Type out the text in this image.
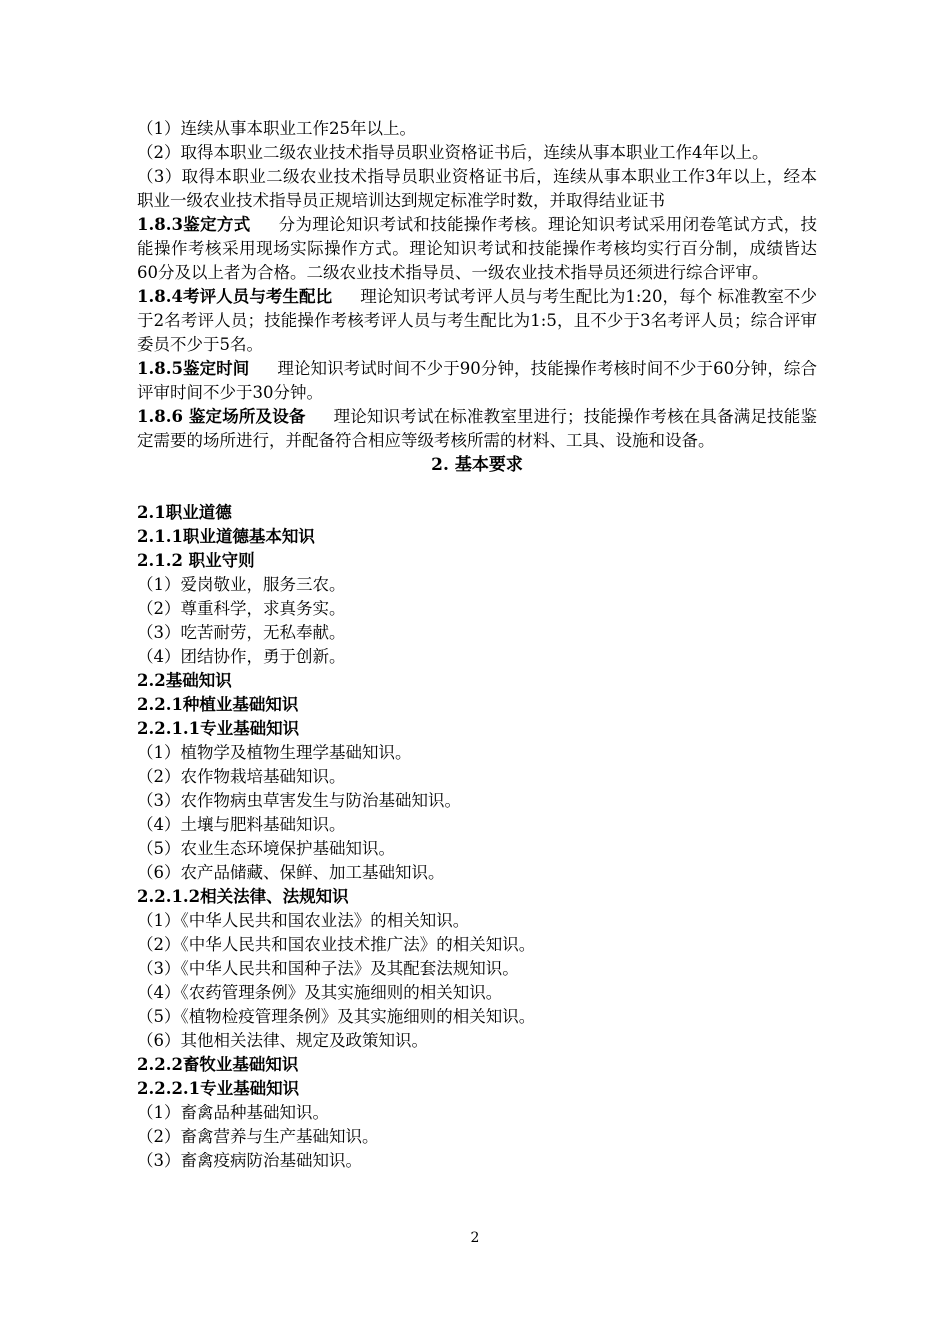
（1）连续从事本职业工作25年以上。
（2）取得本职业二级农业技术指导员职业资格证书后，连续从事本职业工作4年以上。
（3）取得本职业二级农业技术指导员职业资格证书后，连续从事本职业工作3年以上，经本职业一级农业技术指导员正规培训达到规定标准学时数，并取得结业证书
1.8.3鉴定方式 分为理论知识考试和技能操作考核。理论知识考试采用闭卷笔试方式，技能操作考核采用现场实际操作方式。理论知识考试和技能操作考核均实行百分制，成绩皆达60分及以上者为合格。二级农业技术指导员、一级农业技术指导员还须进行综合评审。
1.8.4考评人员与考生配比 理论知识考试考评人员与考生配比为1:20，每个 标准教室不少于2名考评人员；技能操作考核考评人员与考生配比为1:5，且不少于3名考评人员；综合评审委员不少于5名。
1.8.5鉴定时间 理论知识考试时间不少于90分钟，技能操作考核时间不少于60分钟，综合评审时间不少于30分钟。
1.8.6 鉴定场所及设备 理论知识考试在标准教室里进行；技能操作考核在具备满足技能鉴定需要的场所进行，并配备符合相应等级考核所需的材料、工具、设施和设备。
2. 基本要求
2.1职业道德
2.1.1职业道德基本知识
2.1.2 职业守则
（1）爱岗敬业，服务三农。
（2）尊重科学，求真务实。
（3）吃苦耐劳，无私奉献。
（4）团结协作，勇于创新。
2.2基础知识
2.2.1种植业基础知识
2.2.1.1专业基础知识
（1）植物学及植物生理学基础知识。
（2）农作物栽培基础知识。
（3）农作物病虫草害发生与防治基础知识。
（4）土壤与肥料基础知识。
（5）农业生态环境保护基础知识。
（6）农产品储藏、保鲜、加工基础知识。
2.2.1.2相关法律、法规知识
（1）《中华人民共和国农业法》的相关知识。
（2）《中华人民共和国农业技术推广法》的相关知识。
（3）《中华人民共和国种子法》及其配套法规知识。
（4）《农药管理条例》及其实施细则的相关知识。
（5）《植物检疫管理条例》及其实施细则的相关知识。
（6）其他相关法律、规定及政策知识。
2.2.2畜牧业基础知识
2.2.2.1专业基础知识
（1）畜禽品种基础知识。
（2）畜禽营养与生产基础知识。
（3）畜禽疫病防治基础知识。
2
